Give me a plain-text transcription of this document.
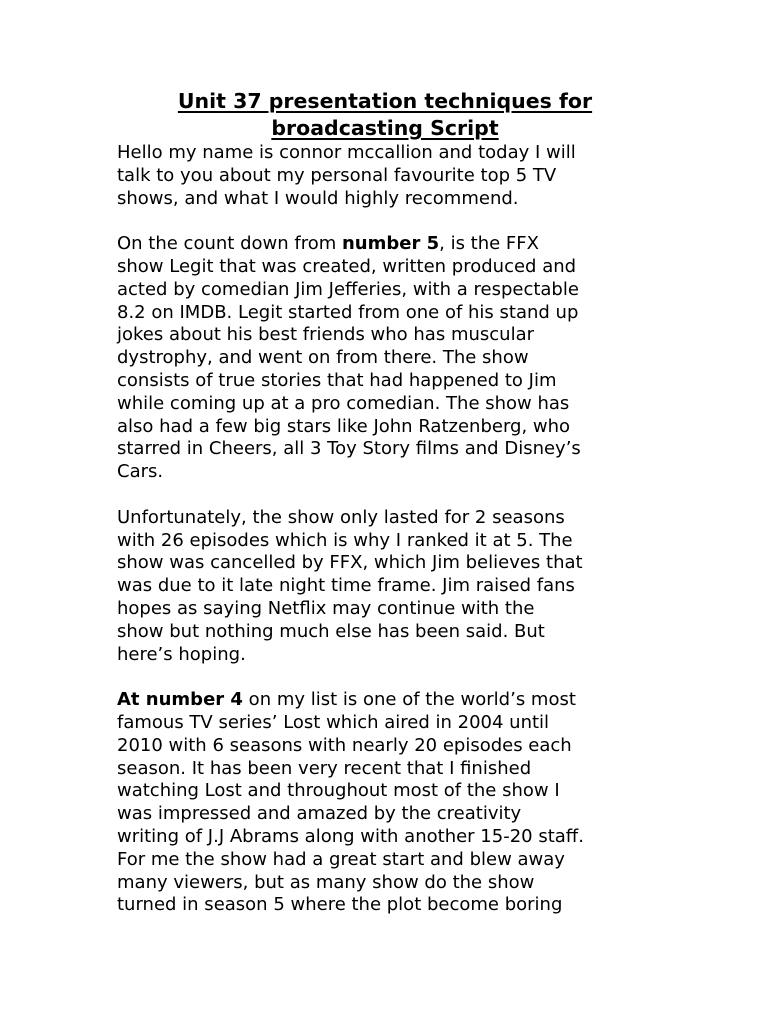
Unit 37 presentation techniques for
broadcasting Script

Hello my name is connor mccallion and today I will
talk to you about my personal favourite top 5 TV
shows, and what I would highly recommend.

On the count down from number 5, is the FFX
show Legit that was created, written produced and
acted by comedian Jim Jefferies, with a respectable
8.2 on IMDB. Legit started from one of his stand up
jokes about his best friends who has muscular
dystrophy, and went on from there. The show
consists of true stories that had happened to Jim
while coming up at a pro comedian. The show has
also had a few big stars like John Ratzenberg, who
starred in Cheers, all 3 Toy Story films and Disney’s
Cars.

Unfortunately, the show only lasted for 2 seasons
with 26 episodes which is why I ranked it at 5. The
show was cancelled by FFX, which Jim believes that
was due to it late night time frame. Jim raised fans
hopes as saying Netflix may continue with the
show but nothing much else has been said. But
here’s hoping.

At number 4 on my list is one of the world’s most
famous TV series’ Lost which aired in 2004 until
2010 with 6 seasons with nearly 20 episodes each
season. It has been very recent that I finished
watching Lost and throughout most of the show I
was impressed and amazed by the creativity
writing of J.J Abrams along with another 15-20 staff.
For me the show had a great start and blew away
many viewers, but as many show do the show
turned in season 5 where the plot become boring
